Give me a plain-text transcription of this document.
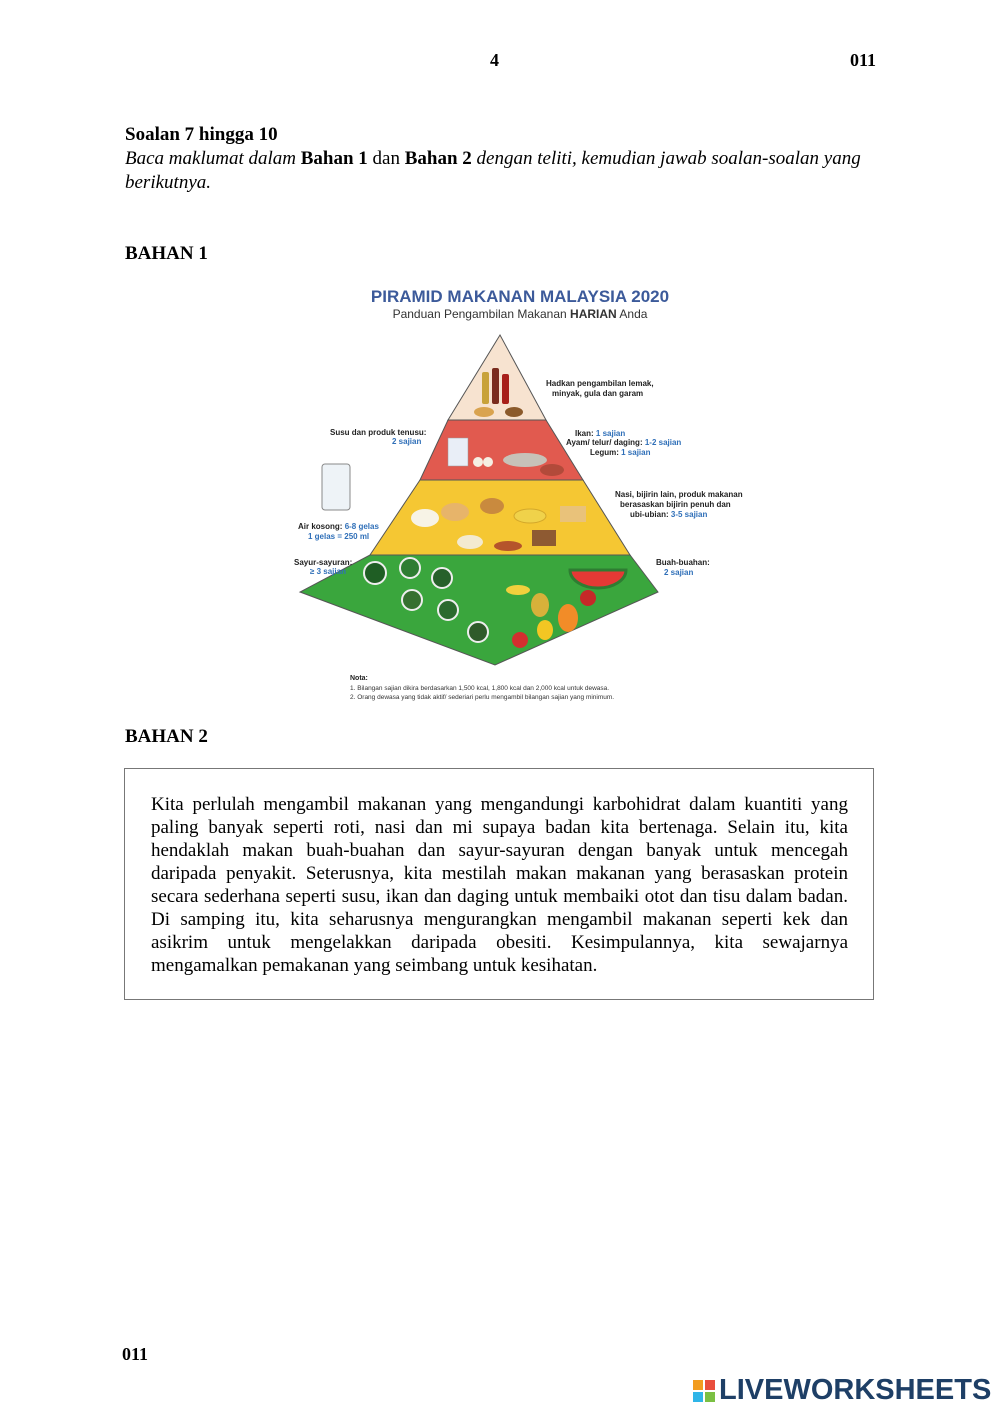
4	011
Soalan 7 hingga 10
Baca maklumat dalam Bahan 1 dan Bahan 2 dengan teliti, kemudian jawab soalan-soalan yang berikutnya.
BAHAN 1
PIRAMID MAKANAN MALAYSIA 2020
Panduan Pengambilan Makanan HARIAN Anda
Hadkan pengambilan lemak,
minyak, gula dan garam
Susu dan produk tenusu:
2 sajian
Ikan: 1 sajian
Ayam/ telur/ daging: 1-2 sajian
Legum: 1 sajian
Air kosong: 6-8 gelas
1 gelas = 250 ml
Nasi, bijirin lain, produk makanan
berasaskan bijirin penuh dan
ubi-ubian: 3-5 sajian
Sayur-sayuran:
≥ 3 sajian
Buah-buahan:
2 sajian
Nota:
1. Bilangan sajian dikira berdasarkan 1,500 kcal, 1,800 kcal dan 2,000 kcal untuk dewasa.
2. Orang dewasa yang tidak aktif/ sederiari perlu mengambil bilangan sajian yang minimum.
BAHAN 2

Kita perlulah mengambil makanan yang mengandungi karbohidrat dalam kuantiti yang paling banyak seperti roti, nasi dan mi supaya badan kita bertenaga. Selain itu, kita hendaklah makan buah-buahan dan sayur-sayuran dengan banyak untuk mencegah daripada penyakit. Seterusnya, kita mestilah makan makanan yang berasaskan protein secara sederhana seperti susu, ikan dan daging untuk membaiki otot dan tisu dalam badan. Di samping itu, kita seharusnya mengurangkan mengambil makanan seperti kek dan asikrim untuk mengelakkan daripada obesiti. Kesimpulannya, kita sewajarnya mengamalkan pemakanan yang seimbang untuk kesihatan.

011
LIVEWORKSHEETS
